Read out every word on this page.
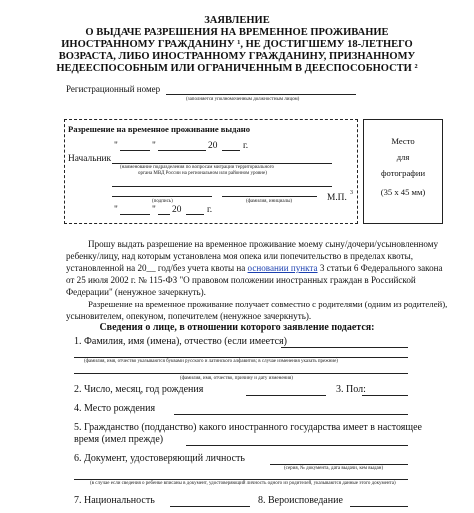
ЗАЯВЛЕНИЕ
О ВЫДАЧЕ РАЗРЕШЕНИЯ НА ВРЕМЕННОЕ ПРОЖИВАНИЕ
ИНОСТРАННОМУ ГРАЖДАНИНУ ¹, НЕ ДОСТИГШЕМУ 18-ЛЕТНЕГО
ВОЗРАСТА, ЛИБО ИНОСТРАННОМУ ГРАЖДАНИНУ, ПРИЗНАННОМУ
НЕДЕЕСПОСОБНЫМ ИЛИ ОГРАНИЧЕННЫМ В ДЕЕСПОСОБНОСТИ ²
Регистрационный номер
(заполняется уполномоченным должностным лицом)
Разрешение на временное проживание выдано
"	"	20	г.
Начальник
(наименование подразделения по вопросам миграции территориального
органа МВД России на региональном или районном уровне)
(подпись)	(фамилия, инициалы)	М.П. 3
"	" 20	г.
Место
для
фотографии
(35 x 45 мм)
Прошу выдать разрешение на временное проживание моему сыну/дочери/усыновленному
ребенку/лицу, над которым установлена моя опека или попечительство в пределах квоты,
установленной на 20__ год/без учета квоты на основании пункта 3 статьи 6 Федерального закона
от 25 июля 2002 г. № 115-ФЗ "О правовом положении иностранных граждан в Российской
Федерации" (ненужное зачеркнуть).
Разрешение на временное проживание получает совместно с родителями (одним из родителей),
усыновителем, опекуном, попечителем (ненужное зачеркнуть).
Сведения о лице, в отношении которого заявление подается:
1. Фамилия, имя (имена), отчество (если имеется)
(фамилия, имя, отчество указываются буквами русского и латинского алфавитов; в случае изменения указать прежние)
(фамилия, имя, отчество, причину и дату изменения)
2. Число, месяц, год рождения	3. Пол:
4. Место рождения
5. Гражданство (подданство) какого иностранного государства имеет в настоящее
время (имел прежде)
6. Документ, удостоверяющий личность
(серия, № документа, дата выдачи, кем выдан)
(в случае если сведения о ребенке вписаны в документ, удостоверяющий личность одного из родителей, указываются данные этого документа)
7. Национальность	8. Вероисповедание
